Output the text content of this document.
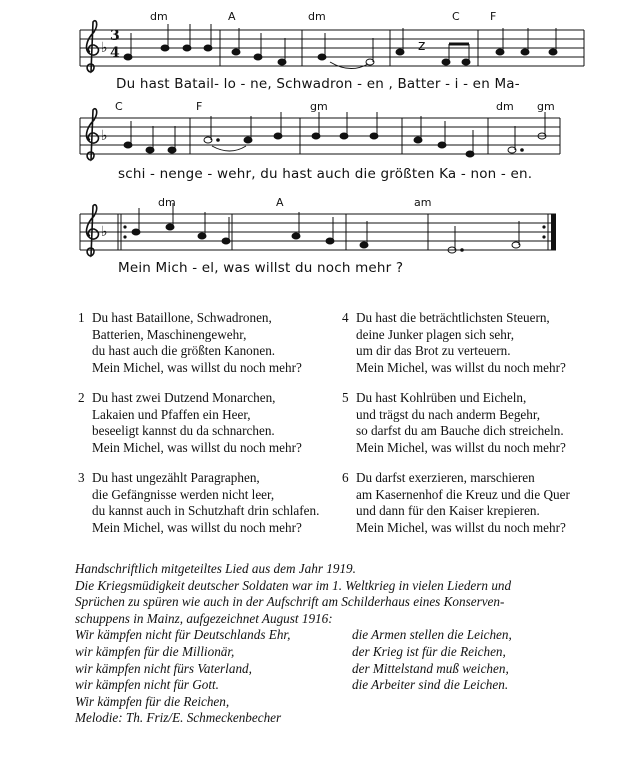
♭
♭
♭
3
4	z
dm	A	dm	C	F
C	F	gm	dm gm
dm	A	am
Du hast Batail- lo - ne, Schwadron - en , Batter - i - en Ma-
schi - nenge - wehr, du hast auch die größten Ka - non - en.
Mein Mich - el, was willst du noch mehr ?
1 Du hast Bataillone, Schwadronen,
Batterien, Maschinengewehr,
du hast auch die größten Kanonen.
Mein Michel, was willst du noch mehr?
2 Du hast zwei Dutzend Monarchen,
Lakaien und Pfaffen ein Heer,
beseeligt kannst du da schnarchen.
Mein Michel, was willst du noch mehr?
3 Du hast ungezählt Paragraphen,
die Gefängnisse werden nicht leer,
du kannst auch in Schutzhaft drin schlafen.
Mein Michel, was willst du noch mehr?
4 Du hast die beträchtlichsten Steuern,
deine Junker plagen sich sehr,
um dir das Brot zu verteuern.
Mein Michel, was willst du noch mehr?
5 Du hast Kohlrüben und Eicheln,
und trägst du nach anderm Begehr,
so darfst du am Bauche dich streicheln.
Mein Michel, was willst du noch mehr?
6 Du darfst exerzieren, marschieren
am Kasernenhof die Kreuz und die Quer
und dann für den Kaiser krepieren.
Mein Michel, was willst du noch mehr?
Handschriftlich mitgeteiltes Lied aus dem Jahr 1919.
Die Kriegsmüdigkeit deutscher Soldaten war im 1. Weltkrieg in vielen Liedern und
Sprüchen zu spüren wie auch in der Aufschrift am Schilderhaus eines Konserven-
schuppens in Mainz, aufgezeichnet August 1916:
Wir kämpfen nicht für Deutschlands Ehr,
wir kämpfen für die Millionär,
wir kämpfen nicht fürs Vaterland,
wir kämpfen nicht für Gott.
Wir kämpfen für die Reichen,
Melodie: Th. Friz/E. Schmeckenbecher
die Armen stellen die Leichen,
der Krieg ist für die Reichen,
der Mittelstand muß weichen,
die Arbeiter sind die Leichen.
